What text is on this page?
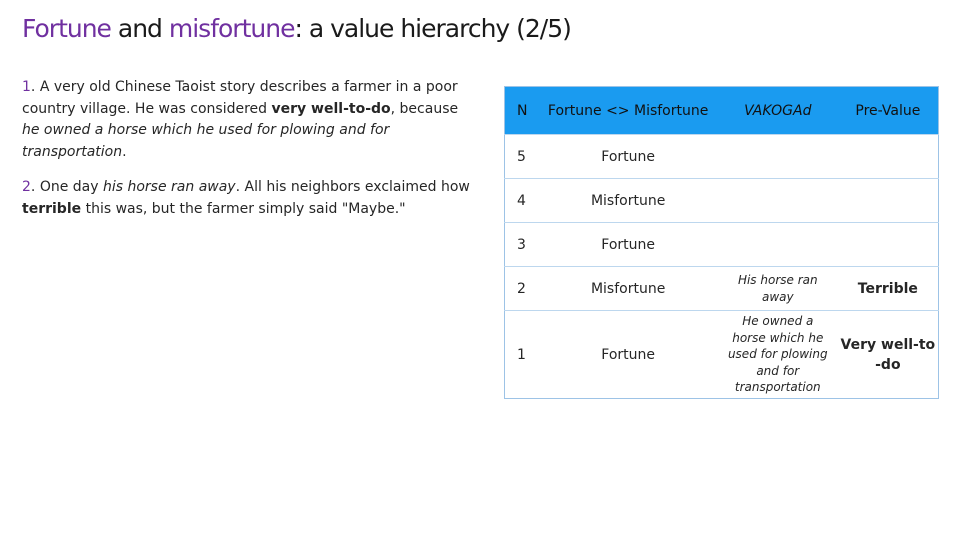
Fortune and misfortune: a value hierarchy (2/5)

1. A very old Chinese Taoist story describes a farmer in a poor country village. He was considered very well-to-do, because he owned a horse which he used for plowing and for transportation.

2. One day his horse ran away. All his neighbors exclaimed how terrible this was, but the farmer simply said "Maybe."

N	Fortune <> Misfortune	VAKOGAd	Pre-Value
5	Fortune		
4	Misfortune		
3	Fortune		
2	Misfortune	His horse ran away	Terrible
1	Fortune	He owned a horse which he used for plowing and for transportation	Very well-to -do
